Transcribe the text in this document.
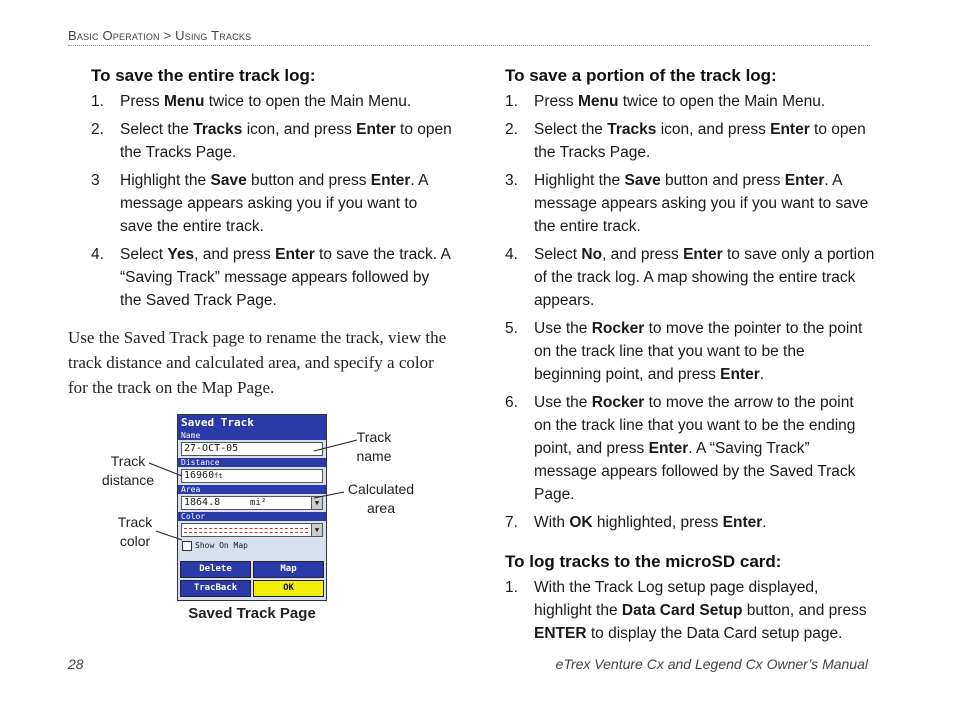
Basic Operation > Using Tracks
To save the entire track log:
1. Press Menu twice to open the Main Menu.
2. Select the Tracks icon, and press Enter to open the Tracks Page.
3 Highlight the Save button and press Enter. A message appears asking you if you want to save the entire track.
4. Select Yes, and press Enter to save the track. A “Saving Track” message appears followed by the Saved Track Page.
Use the Saved Track page to rename the track, view the track distance and calculated area, and specify a color for the track on the Map Page.
To save a portion of the track log:
1. Press Menu twice to open the Main Menu.
2. Select the Tracks icon, and press Enter to open the Tracks Page.
3. Highlight the Save button and press Enter. A message appears asking you if you want to save the entire track.
4. Select No, and press Enter to save only a portion of the track log. A map showing the entire track appears.
5. Use the Rocker to move the pointer to the point on the track line that you want to be the beginning point, and press Enter.
6. Use the Rocker to move the arrow to the point on the track line that you want to be the ending point, and press Enter. A “Saving Track” message appears followed by the Saved Track Page.
7. With OK highlighted, press Enter.
To log tracks to the microSD card:
1. With the Track Log setup page displayed, highlight the Data Card Setup button, and press ENTER to display the Data Card setup page.
Saved Track
Name
27-OCT-05
Distance
$16960^{ft}$
Area
1864.8	mi²	▼
Color
▼
Show On Map
Delete	Map
TracBack	OK
Track
distance
Track
color
Track
name
Calculated
area
Saved Track Page
28	eTrex Venture Cx and Legend Cx Owner’s Manual
